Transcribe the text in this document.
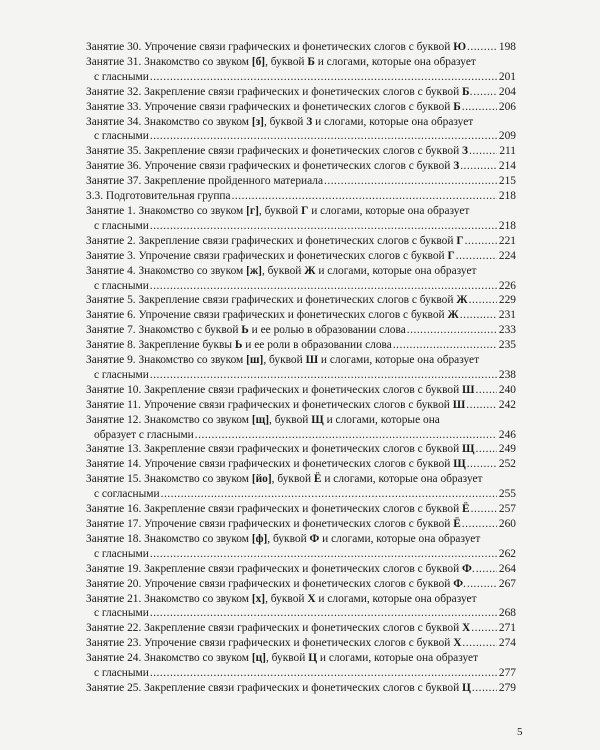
Занятие 30. Упрочение связи графических и фонетических слогов с буквой Ю .....	198
Занятие 31. Знакомство со звуком [б], буквой Б и слогами, которые она образует
с гласными .....	201
Занятие 32. Закрепление связи графических и фонетических слогов с буквой Б. ..... 204
Занятие 33. Упрочение связи графических и фонетических слогов с буквой Б .....	206
Занятие 34. Знакомство со звуком [з], буквой З и слогами, которые она образует
с гласными .....	209
Занятие 35. Закрепление связи графических и фонетических слогов с буквой З .....	211
Занятие 36. Упрочение связи графических и фонетических слогов с буквой З .....	214
Занятие 37. Закрепление пройденного материала .....	215
3.3. Подготовительная группа .....	218
Занятие 1. Знакомство со звуком [г], буквой Г и слогами, которые она образует
с гласными .....	218
Занятие 2. Закрепление связи графических и фонетических слогов с буквой Г .....	221
Занятие 3. Упрочение связи графических и фонетических слогов с буквой Г .....	224
Занятие 4. Знакомство со звуком [ж], буквой Ж и слогами, которые она образует
с гласными .....	226
Занятие 5. Закрепление связи графических и фонетических слогов с буквой Ж .....	229
Занятие 6. Упрочение связи графических и фонетических слогов с буквой Ж .....	231
Занятие 7. Знакомство с буквой Ь и ее ролью в образовании слова .....	233
Занятие 8. Закрепление буквы Ь и ее роли в образовании слова .....	235
Занятие 9. Знакомство со звуком [ш], буквой Ш и слогами, которые она образует
с гласными .....	238
Занятие 10. Закрепление связи графических и фонетических слогов с буквой Ш ..... 240
Занятие 11. Упрочение связи графических и фонетических слогов с буквой Ш .....	242
Занятие 12. Знакомство со звуком [щ], буквой Щ и слогами, которые она
образует с гласными .....	246
Занятие 13. Закрепление связи графических и фонетических слогов с буквой Щ ..... 249
Занятие 14. Упрочение связи графических и фонетических слогов с буквой Щ .....	252
Занятие 15. Знакомство со звуком [йо], буквой Ё и слогами, которые она образует
с согласными .....	255
Занятие 16. Закрепление связи графических и фонетических слогов с буквой Ё .....	257
Занятие 17. Упрочение связи графических и фонетических слогов с буквой Ё .....	260
Занятие 18. Знакомство со звуком [ф], буквой Ф и слогами, которые она образует
с гласными .....	262
Занятие 19. Закрепление связи графических и фонетических слогов с буквой Ф. ..... 264
Занятие 20. Упрочение связи графических и фонетических слогов с буквой Ф. .....	267
Занятие 21. Знакомство со звуком [х], буквой Х и слогами, которые она образует
с гласными .....	268
Занятие 22. Закрепление связи графических и фонетических слогов с буквой Х .....	271
Занятие 23. Упрочение связи графических и фонетических слогов с буквой Х .....	274
Занятие 24. Знакомство со звуком [ц], буквой Ц и слогами, которые она образует
с гласными .....	277
Занятие 25. Закрепление связи графических и фонетических слогов с буквой Ц ..... 279
5
